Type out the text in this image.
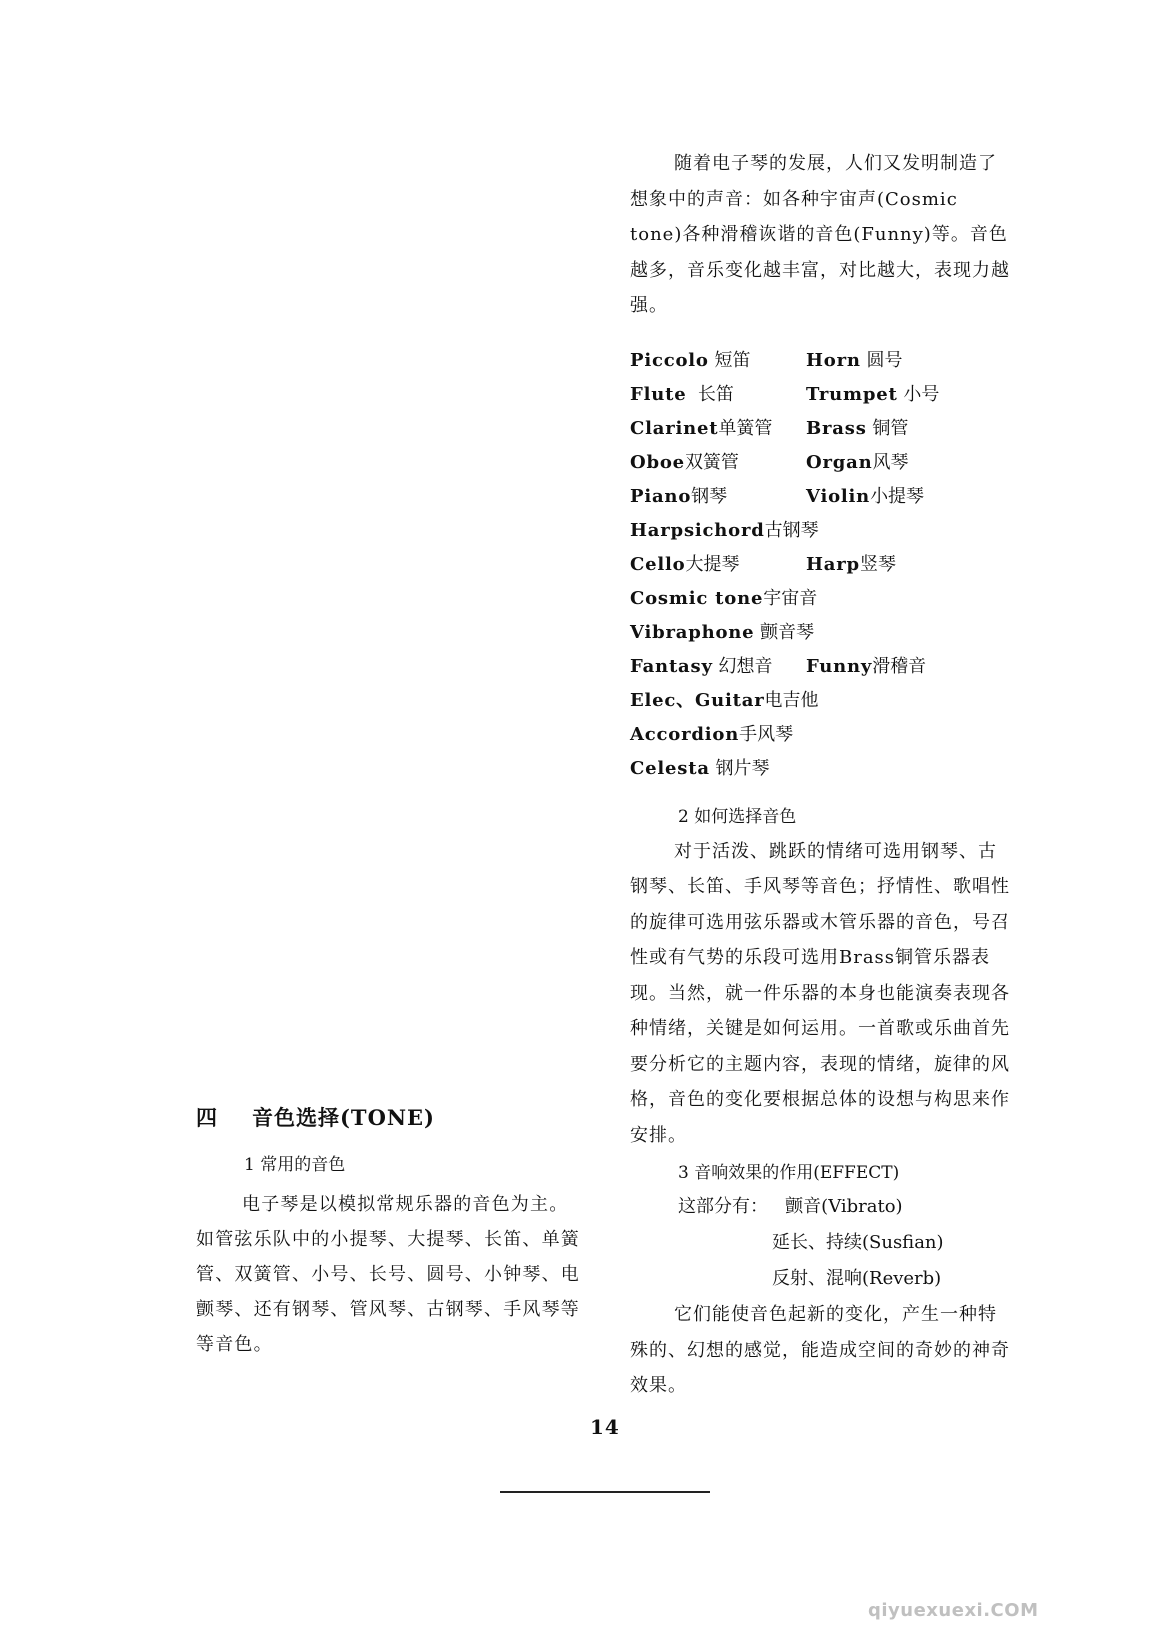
四 音色选择(TONE)
1 常用的音色

电子琴是以模拟常规乐器的音色为主。如管弦乐队中的小提琴、大提琴、长笛、单簧管、双簧管、小号、长号、圆号、小钟琴、电颤琴、还有钢琴、管风琴、古钢琴、手风琴等等音色。

随着电子琴的发展，人们又发明制造了想象中的声音：如各种宇宙声(Cosmic tone)各种滑稽诙谐的音色(Funny)等。音色越多，音乐变化越丰富，对比越大，表现力越强。

Piccolo 短笛	Horn 圆号
Flute  长笛	Trumpet 小号
Clarinet单簧管	Brass 铜管
Oboe双簧管	Organ风琴
Piano钢琴	Violin小提琴
Harpsichord古钢琴
Cello大提琴	Harp竖琴
Cosmic tone宇宙音
Vibraphone 颤音琴
Fantasy 幻想音	Funny滑稽音
Elec、Guitar电吉他
Accordion手风琴
Celesta 钢片琴
2 如何选择音色

对于活泼、跳跃的情绪可选用钢琴、古钢琴、长笛、手风琴等音色；抒情性、歌唱性的旋律可选用弦乐器或木管乐器的音色，号召性或有气势的乐段可选用Brass铜管乐器表现。当然，就一件乐器的本身也能演奏表现各种情绪，关键是如何运用。一首歌或乐曲首先要分析它的主题内容，表现的情绪，旋律的风格，音色的变化要根据总体的设想与构思来作安排。

3 音响效果的作用(EFFECT)
这部分有： 颤音(Vibrato)
延长、持续(Susfian)
反射、混响(Reverb)

它们能使音色起新的变化，产生一种特殊的、幻想的感觉，能造成空间的奇妙的神奇效果。

14
qiyuexuexi.COM
